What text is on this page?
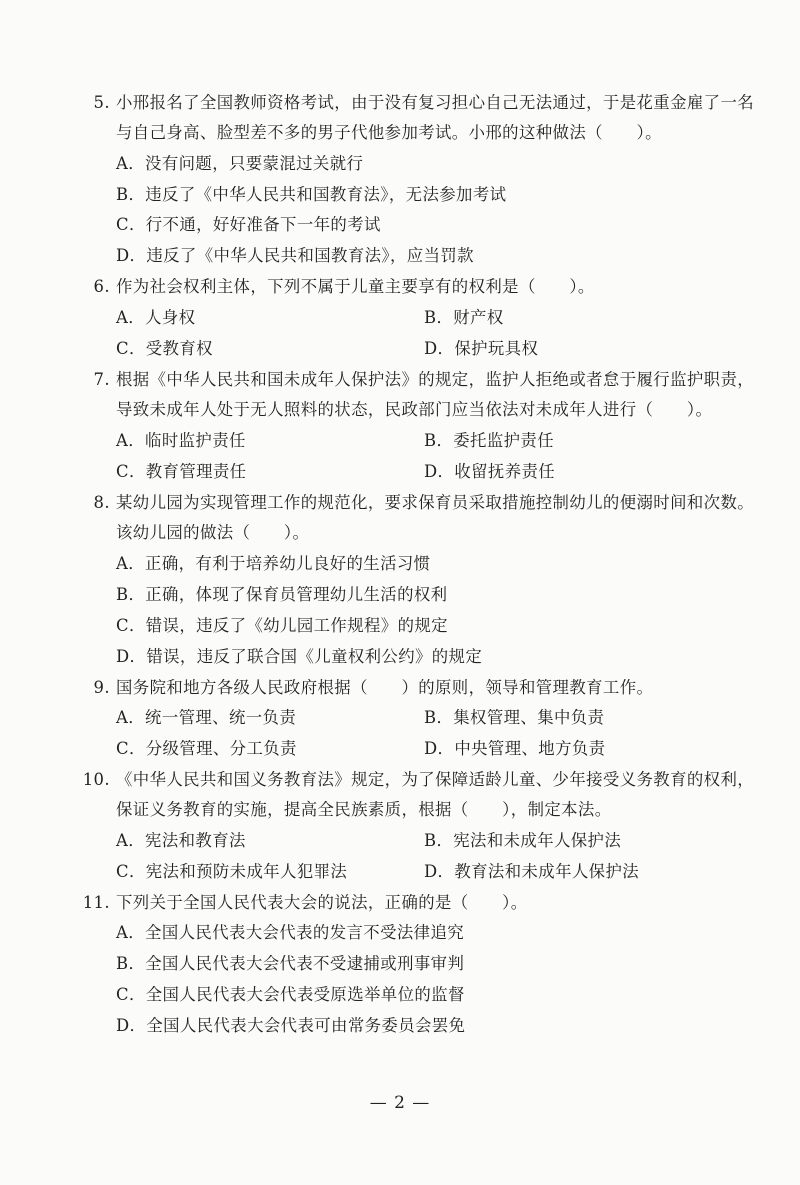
5. 小邢报名了全国教师资格考试，由于没有复习担心自己无法通过，于是花重金雇了一名
与自己身高、脸型差不多的男子代他参加考试。小邢的这种做法（　　）。
A．没有问题，只要蒙混过关就行
B．违反了《中华人民共和国教育法》，无法参加考试
C．行不通，好好准备下一年的考试
D．违反了《中华人民共和国教育法》，应当罚款
6. 作为社会权利主体，下列不属于儿童主要享有的权利是（　　）。
A．人身权	B．财产权
C．受教育权	D．保护玩具权
7. 根据《中华人民共和国未成年人保护法》的规定，监护人拒绝或者怠于履行监护职责，
导致未成年人处于无人照料的状态，民政部门应当依法对未成年人进行（　　）。
A．临时监护责任	B．委托监护责任
C．教育管理责任	D．收留抚养责任
8. 某幼儿园为实现管理工作的规范化，要求保育员采取措施控制幼儿的便溺时间和次数。
该幼儿园的做法（　　）。
A．正确，有利于培养幼儿良好的生活习惯
B．正确，体现了保育员管理幼儿生活的权利
C．错误，违反了《幼儿园工作规程》的规定
D．错误，违反了联合国《儿童权利公约》的规定
9. 国务院和地方各级人民政府根据（　　）的原则，领导和管理教育工作。
A．统一管理、统一负责	B．集权管理、集中负责
C．分级管理、分工负责	D．中央管理、地方负责
10. 《中华人民共和国义务教育法》规定，为了保障适龄儿童、少年接受义务教育的权利，
保证义务教育的实施，提高全民族素质，根据（　　），制定本法。
A．宪法和教育法	B．宪法和未成年人保护法
C．宪法和预防未成年人犯罪法	D．教育法和未成年人保护法
11. 下列关于全国人民代表大会的说法，正确的是（　　）。
A．全国人民代表大会代表的发言不受法律追究
B．全国人民代表大会代表不受逮捕或刑事审判
C．全国人民代表大会代表受原选举单位的监督
D．全国人民代表大会代表可由常务委员会罢免
— 2 —
